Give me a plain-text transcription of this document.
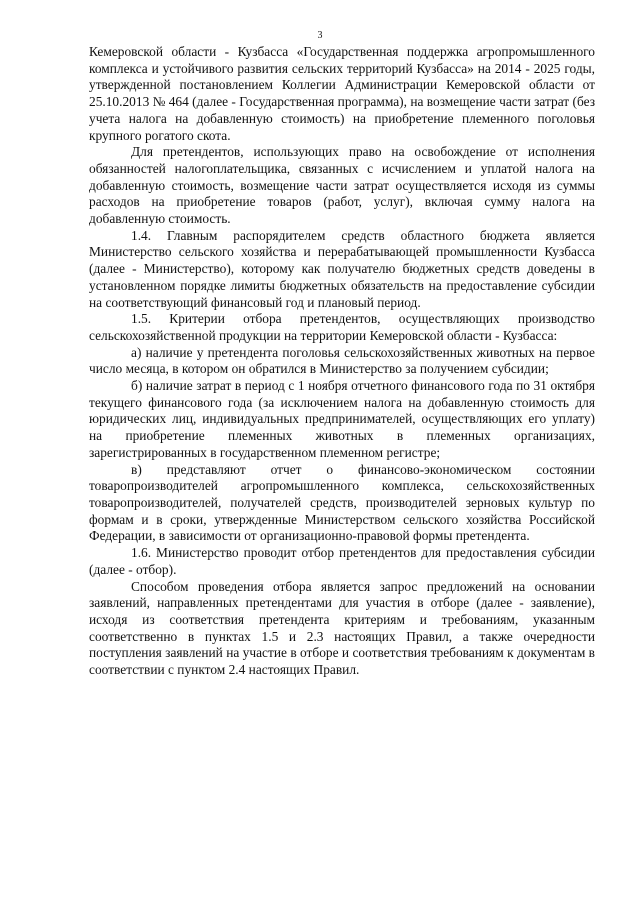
3

Кемеровской области - Кузбасса «Государственная поддержка агропромышленного комплекса и устойчивого развития сельских территорий Кузбасса» на 2014 - 2025 годы, утвержденной постановлением Коллегии Администрации Кемеровской области от 25.10.2013 № 464 (далее - Государственная программа), на возмещение части затрат (без учета налога на добавленную стоимость) на приобретение племенного поголовья крупного рогатого скота.

Для претендентов, использующих право на освобождение от исполнения обязанностей налогоплательщика, связанных с исчислением и уплатой налога на добавленную стоимость, возмещение части затрат осуществляется исходя из суммы расходов на приобретение товаров (работ, услуг), включая сумму налога на добавленную стоимость.

1.4. Главным распорядителем средств областного бюджета является Министерство сельского хозяйства и перерабатывающей промышленности Кузбасса (далее - Министерство), которому как получателю бюджетных средств доведены в установленном порядке лимиты бюджетных обязательств на предоставление субсидии на соответствующий финансовый год и плановый период.

1.5. Критерии отбора претендентов, осуществляющих производство сельскохозяйственной продукции на территории Кемеровской области - Кузбасса:

а) наличие у претендента поголовья сельскохозяйственных животных на первое число месяца, в котором он обратился в Министерство за получением субсидии;

б) наличие затрат в период с 1 ноября отчетного финансового года по 31 октября текущего финансового года (за исключением налога на добавленную стоимость для юридических лиц, индивидуальных предпринимателей, осуществляющих его уплату) на приобретение племенных животных в племенных организациях, зарегистрированных в государственном племенном регистре;

в) представляют отчет о финансово-экономическом состоянии товаропроизводителей агропромышленного комплекса, сельскохозяйственных товаропроизводителей, получателей средств, производителей зерновых культур по формам и в сроки, утвержденные Министерством сельского хозяйства Российской Федерации, в зависимости от организационно-правовой формы претендента.

1.6. Министерство проводит отбор претендентов для предоставления субсидии (далее - отбор).

Способом проведения отбора является запрос предложений на основании заявлений, направленных претендентами для участия в отборе (далее - заявление), исходя из соответствия претендента критериям и требованиям, указанным соответственно в пунктах 1.5 и 2.3 настоящих Правил, а также очередности поступления заявлений на участие в отборе и соответствия требованиям к документам в соответствии с пунктом 2.4 настоящих Правил.
